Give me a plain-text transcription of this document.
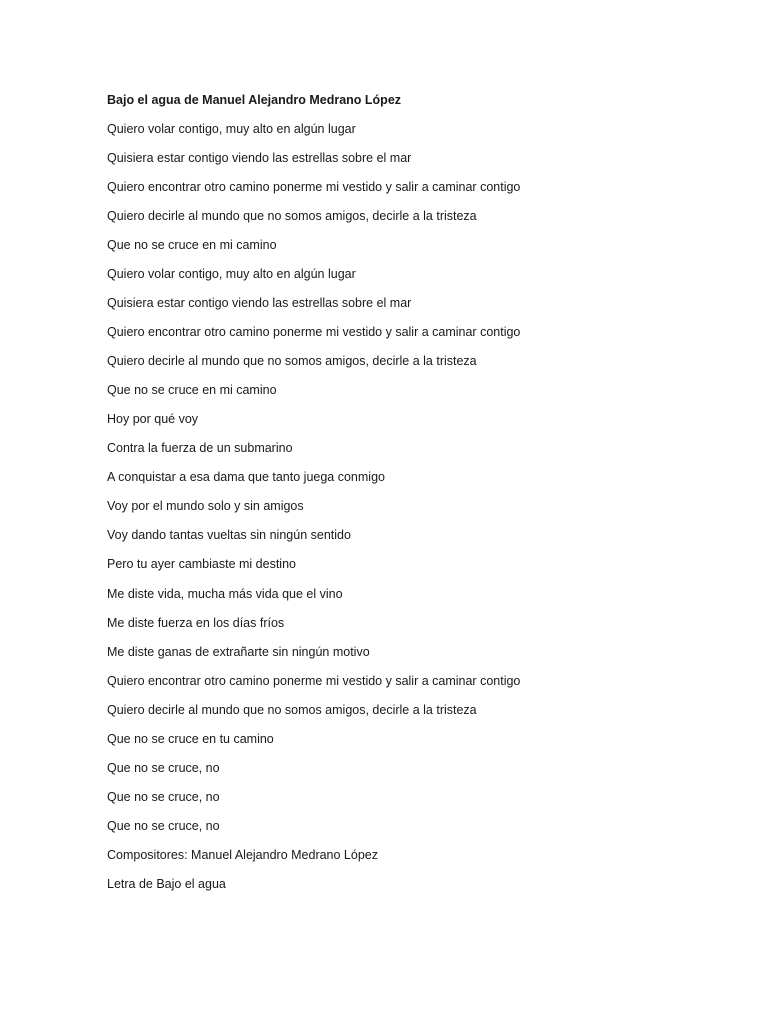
Bajo el agua de Manuel Alejandro Medrano López
Quiero volar contigo, muy alto en algún lugar
Quisiera estar contigo viendo las estrellas sobre el mar
Quiero encontrar otro camino ponerme mi vestido y salir a caminar contigo
Quiero decirle al mundo que no somos amigos, decirle a la tristeza
Que no se cruce en mi camino
Quiero volar contigo, muy alto en algún lugar
Quisiera estar contigo viendo las estrellas sobre el mar
Quiero encontrar otro camino ponerme mi vestido y salir a caminar contigo
Quiero decirle al mundo que no somos amigos, decirle a la tristeza
Que no se cruce en mi camino
Hoy por qué voy
Contra la fuerza de un submarino
A conquistar a esa dama que tanto juega conmigo
Voy por el mundo solo y sin amigos
Voy dando tantas vueltas sin ningún sentido
Pero tu ayer cambiaste mi destino
Me diste vida, mucha más vida que el vino
Me diste fuerza en los días fríos
Me diste ganas de extrañarte sin ningún motivo
Quiero encontrar otro camino ponerme mi vestido y salir a caminar contigo
Quiero decirle al mundo que no somos amigos, decirle a la tristeza
Que no se cruce en tu camino
Que no se cruce, no
Que no se cruce, no
Que no se cruce, no
Compositores: Manuel Alejandro Medrano López
Letra de Bajo el agua
